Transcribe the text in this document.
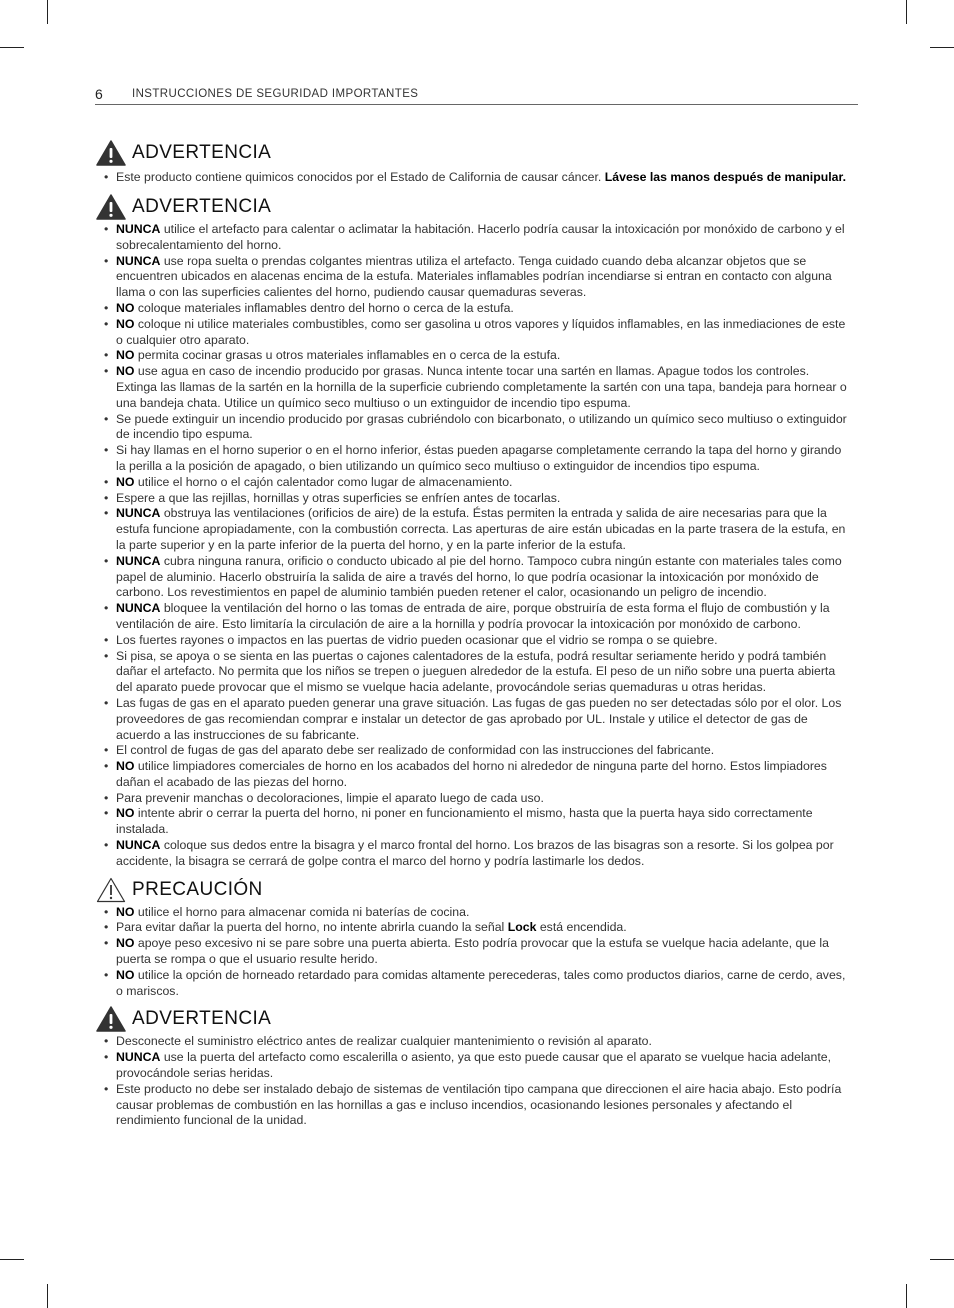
6	INSTRUCCIONES DE SEGURIDAD IMPORTANTES
ADVERTENCIA
• Este producto contiene quimicos conocidos por el Estado de California de causar cáncer. Lávese las manos después de manipular.
ADVERTENCIA
• NUNCA utilice el artefacto para calentar o aclimatar la habitación. Hacerlo podría causar la intoxicación por monóxido de carbono y el sobrecalentamiento del horno.
• NUNCA use ropa suelta o prendas colgantes mientras utiliza el artefacto. Tenga cuidado cuando deba alcanzar objetos que se encuentren ubicados en alacenas encima de la estufa. Materiales inflamables podrían incendiarse si entran en contacto con alguna llama o con las superficies calientes del horno, pudiendo causar quemaduras severas.
• NO coloque materiales inflamables dentro del horno o cerca de la estufa.
• NO coloque ni utilice materiales combustibles, como ser gasolina u otros vapores y líquidos inflamables, en las inmediaciones de este o cualquier otro aparato.
• NO permita cocinar grasas u otros materiales inflamables en o cerca de la estufa.
• NO use agua en caso de incendio producido por grasas. Nunca intente tocar una sartén en llamas. Apague todos los controles. Extinga las llamas de la sartén en la hornilla de la superficie cubriendo completamente la sartén con una tapa, bandeja para hornear o una bandeja chata. Utilice un químico seco multiuso o un extinguidor de incendio tipo espuma.
• Se puede extinguir un incendio producido por grasas cubriéndolo con bicarbonato, o utilizando un químico seco multiuso o extinguidor de incendio tipo espuma.
• Si hay llamas en el horno superior o en el horno inferior, éstas pueden apagarse completamente cerrando la tapa del horno y girando la perilla a la posición de apagado, o bien utilizando un químico seco multiuso o extinguidor de incendios tipo espuma.
• NO utilice el horno o el cajón calentador como lugar de almacenamiento.
• Espere a que las rejillas, hornillas y otras superficies se enfríen antes de tocarlas.
• NUNCA obstruya las ventilaciones (orificios de aire) de la estufa. Éstas permiten la entrada y salida de aire necesarias para que la estufa funcione apropiadamente, con la combustión correcta. Las aperturas de aire están ubicadas en la parte trasera de la estufa, en la parte superior y en la parte inferior de la puerta del horno, y en la parte inferior de la estufa.
• NUNCA cubra ninguna ranura, orificio o conducto ubicado al pie del horno. Tampoco cubra ningún estante con materiales tales como papel de aluminio. Hacerlo obstruiría la salida de aire a través del horno, lo que podría ocasionar la intoxicación por monóxido de carbono. Los revestimientos en papel de aluminio también pueden retener el calor, ocasionando un peligro de incendio.
• NUNCA bloquee la ventilación del horno o las tomas de entrada de aire, porque obstruiría de esta forma el flujo de combustión y la ventilación de aire. Esto limitaría la circulación de aire a la hornilla y podría provocar la intoxicación por monóxido de carbono.
• Los fuertes rayones o impactos en las puertas de vidrio pueden ocasionar que el vidrio se rompa o se quiebre.
• Si pisa, se apoya o se sienta en las puertas o cajones calentadores de la estufa, podrá resultar seriamente herido y podrá también dañar el artefacto. No permita que los niños se trepen o jueguen alrededor de la estufa. El peso de un niño sobre una puerta abierta del aparato puede provocar que el mismo se vuelque hacia adelante, provocándole serias quemaduras u otras heridas.
• Las fugas de gas en el aparato pueden generar una grave situación. Las fugas de gas pueden no ser detectadas sólo por el olor. Los proveedores de gas recomiendan comprar e instalar un detector de gas aprobado por UL. Instale y utilice el detector de gas de acuerdo a las instrucciones de su fabricante.
• El control de fugas de gas del aparato debe ser realizado de conformidad con las instrucciones del fabricante.
• NO utilice limpiadores comerciales de horno en los acabados del horno ni alrededor de ninguna parte del horno. Estos limpiadores dañan el acabado de las piezas del horno.
• Para prevenir manchas o decoloraciones, limpie el aparato luego de cada uso.
• NO intente abrir o cerrar la puerta del horno, ni poner en funcionamiento el mismo, hasta que la puerta haya sido correctamente instalada.
• NUNCA coloque sus dedos entre la bisagra y el marco frontal del horno. Los brazos de las bisagras son a resorte. Si los golpea por accidente, la bisagra se cerrará de golpe contra el marco del horno y podría lastimarle los dedos.
PRECAUCIÓN
• NO utilice el horno para almacenar comida ni baterías de cocina.
• Para evitar dañar la puerta del horno, no intente abrirla cuando la señal Lock está encendida.
• NO apoye peso excesivo ni se pare sobre una puerta abierta. Esto podría provocar que la estufa se vuelque hacia adelante, que la puerta se rompa o que el usuario resulte herido.
• NO utilice la opción de horneado retardado para comidas altamente perecederas, tales como productos diarios, carne de cerdo, aves, o mariscos.
ADVERTENCIA
• Desconecte el suministro eléctrico antes de realizar cualquier mantenimiento o revisión al aparato.
• NUNCA use la puerta del artefacto como escalerilla o asiento, ya que esto puede causar que el aparato se vuelque hacia adelante, provocándole serias heridas.
• Este producto no debe ser instalado debajo de sistemas de ventilación tipo campana que direccionen el aire hacia abajo. Esto podría causar problemas de combustión en las hornillas a gas e incluso incendios, ocasionando lesiones personales y afectando el rendimiento funcional de la unidad.
